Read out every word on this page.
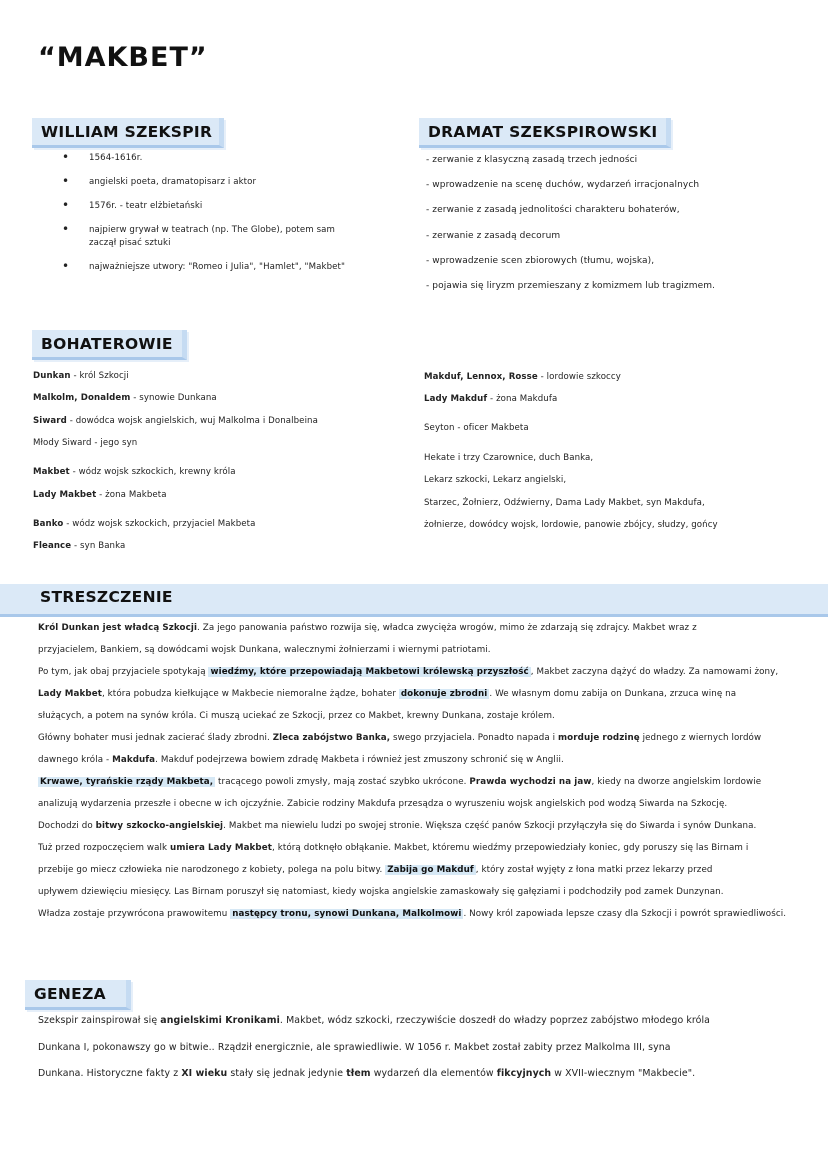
“MAKBET”
WILLIAM SZEKSPIR
• 1564-1616r.
• angielski poeta, dramatopisarz i aktor
• 1576r. - teatr elżbietański
• najpierw grywał w teatrach (np. The Globe), potem sam
zaczął pisać sztuki
• najważniejsze utwory: "Romeo i Julia", "Hamlet", "Makbet"
DRAMAT SZEKSPIROWSKI
- zerwanie z klasyczną zasadą trzech jedności
- wprowadzenie na scenę duchów, wydarzeń irracjonalnych
- zerwanie z zasadą jednolitości charakteru bohaterów,
- zerwanie z zasadą decorum
- wprowadzenie scen zbiorowych (tłumu, wojska),
- pojawia się liryzm przemieszany z komizmem lub tragizmem.
BOHATEROWIE
Dunkan - król Szkocji
Malkolm, Donaldem - synowie Dunkana
Siward - dowódca wojsk angielskich, wuj Malkolma i Donalbeina
Młody Siward - jego syn
Makbet - wódz wojsk szkockich, krewny króla
Lady Makbet - żona Makbeta
Banko - wódz wojsk szkockich, przyjaciel Makbeta
Fleance - syn Banka
Makduf, Lennox, Rosse - lordowie szkoccy
Lady Makduf - żona Makdufa
Seyton - oficer Makbeta
Hekate i trzy Czarownice, duch Banka,
Lekarz szkocki, Lekarz angielski,
Starzec, Żołnierz, Odźwierny, Dama Lady Makbet, syn Makdufa,
żołnierze, dowódcy wojsk, lordowie, panowie zbójcy, słudzy, gońcy
STRESZCZENIE
Król Dunkan jest władcą Szkocji. Za jego panowania państwo rozwija się, władca zwycięża wrogów, mimo że zdarzają się zdrajcy. Makbet wraz z
przyjacielem, Bankiem, są dowódcami wojsk Dunkana, walecznymi żołnierzami i wiernymi patriotami.
Po tym, jak obaj przyjaciele spotykają wiedźmy, które przepowiadają Makbetowi królewską przyszłość , Makbet zaczyna dążyć do władzy. Za namowami żony,
Lady Makbet, która pobudza kiełkujące w Makbecie niemoralne żądze, bohater dokonuje zbrodni . We własnym domu zabija on Dunkana, zrzuca winę na
służących, a potem na synów króla. Ci muszą uciekać ze Szkocji, przez co Makbet, krewny Dunkana, zostaje królem.
Główny bohater musi jednak zacierać ślady zbrodni. Zleca zabójstwo Banka, swego przyjaciela. Ponadto napada i morduje rodzinę jednego z wiernych lordów
dawnego króla - Makdufa. Makduf podejrzewa bowiem zdradę Makbeta i również jest zmuszony schronić się w Anglii.
Krwawe, tyrańskie rządy Makbeta, tracącego powoli zmysły, mają zostać szybko ukrócone. Prawda wychodzi na jaw, kiedy na dworze angielskim lordowie
analizują wydarzenia przeszłe i obecne w ich ojczyźnie. Zabicie rodziny Makdufa przesądza o wyruszeniu wojsk angielskich pod wodzą Siwarda na Szkocję.
Dochodzi do bitwy szkocko-angielskiej. Makbet ma niewielu ludzi po swojej stronie. Większa część panów Szkocji przyłączyła się do Siwarda i synów Dunkana.
Tuż przed rozpoczęciem walk umiera Lady Makbet, którą dotknęło obłąkanie. Makbet, któremu wiedźmy przepowiedziały koniec, gdy poruszy się las Birnam i
przebije go miecz człowieka nie narodzonego z kobiety, polega na polu bitwy. Zabija go Makduf , który został wyjęty z łona matki przez lekarzy przed
upływem dziewięciu miesięcy. Las Birnam poruszył się natomiast, kiedy wojska angielskie zamaskowały się gałęziami i podchodziły pod zamek Dunzynan.
Władza zostaje przywrócona prawowitemu następcy tronu, synowi Dunkana, Malkolmowi . Nowy król zapowiada lepsze czasy dla Szkocji i powrót sprawiedliwości.
GENEZA
Szekspir zainspirował się angielskimi Kronikami. Makbet, wódz szkocki, rzeczywiście doszedł do władzy poprzez zabójstwo młodego króla
Dunkana I, pokonawszy go w bitwie.. Rządził energicznie, ale sprawiedliwie. W 1056 r. Makbet został zabity przez Malkolma III, syna
Dunkana. Historyczne fakty z XI wieku stały się jednak jedynie tłem wydarzeń dla elementów fikcyjnych w XVII-wiecznym "Makbecie".
